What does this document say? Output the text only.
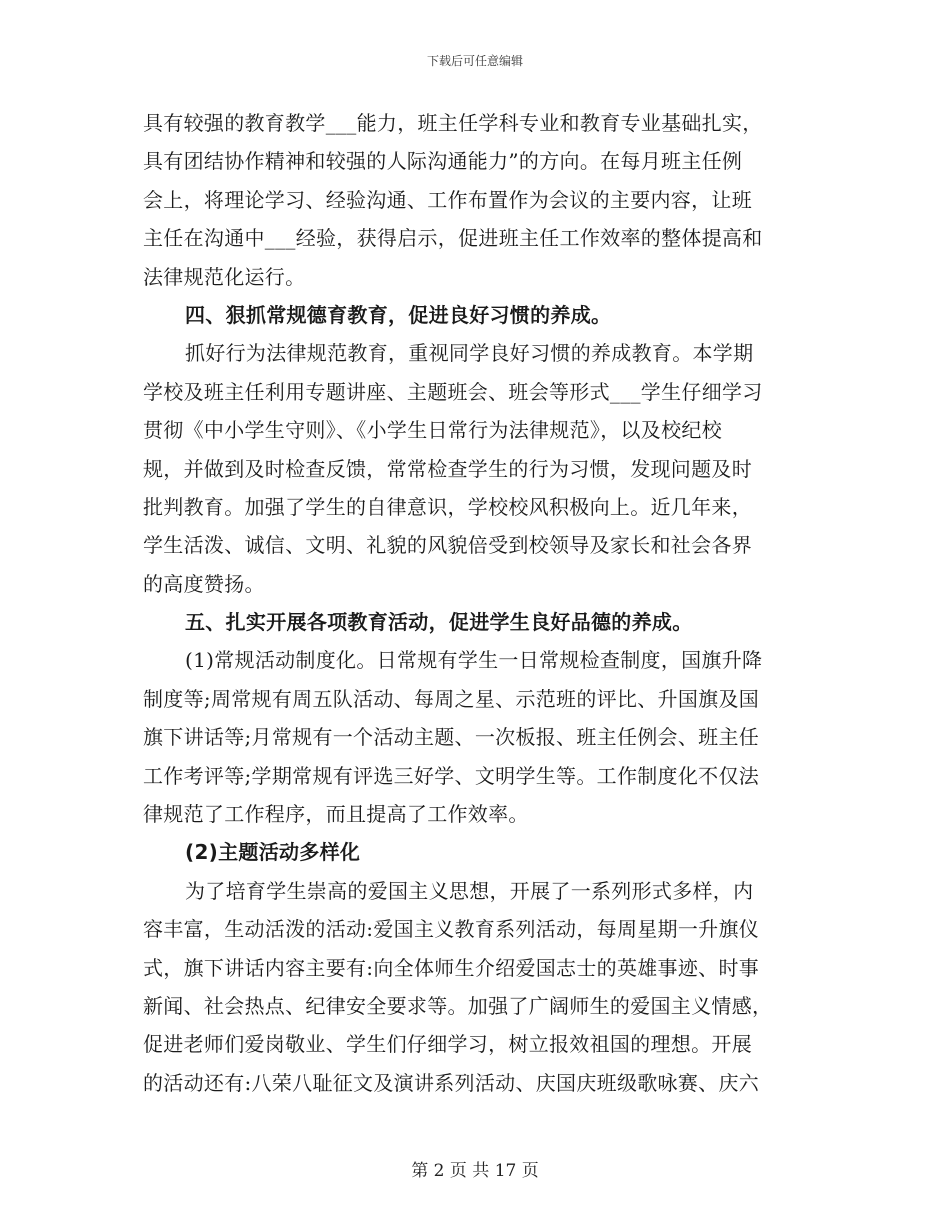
下载后可任意编辑
具有较强的教育教学___能力，班主任学科专业和教育专业基础扎实，
具有团结协作精神和较强的人际沟通能力”的方向。在每月班主任例
会上，将理论学习、经验沟通、工作布置作为会议的主要内容，让班
主任在沟通中___经验，获得启示，促进班主任工作效率的整体提高和
法律规范化运行。
四、狠抓常规德育教育，促进良好习惯的养成。
抓好行为法律规范教育，重视同学良好习惯的养成教育。本学期
学校及班主任利用专题讲座、主题班会、班会等形式___学生仔细学习
贯彻《中小学生守则》、《小学生日常行为法律规范》，以及校纪校
规，并做到及时检查反馈，常常检查学生的行为习惯，发现问题及时
批判教育。加强了学生的自律意识，学校校风积极向上。近几年来，
学生活泼、诚信、文明、礼貌的风貌倍受到校领导及家长和社会各界
的高度赞扬。
五、扎实开展各项教育活动，促进学生良好品德的养成。
(1)常规活动制度化。日常规有学生一日常规检查制度，国旗升降
制度等;周常规有周五队活动、每周之星、示范班的评比、升国旗及国
旗下讲话等;月常规有一个活动主题、一次板报、班主任例会、班主任
工作考评等;学期常规有评选三好学、文明学生等。工作制度化不仅法
律规范了工作程序，而且提高了工作效率。
(2)主题活动多样化
为了培育学生崇高的爱国主义思想，开展了一系列形式多样，内
容丰富，生动活泼的活动:爱国主义教育系列活动，每周星期一升旗仪
式，旗下讲话内容主要有:向全体师生介绍爱国志士的英雄事迹、时事
新闻、社会热点、纪律安全要求等。加强了广阔师生的爱国主义情感，
促进老师们爱岗敬业、学生们仔细学习，树立报效祖国的理想。开展
的活动还有:八荣八耻征文及演讲系列活动、庆国庆班级歌咏赛、庆六
第 2 页 共 17 页
